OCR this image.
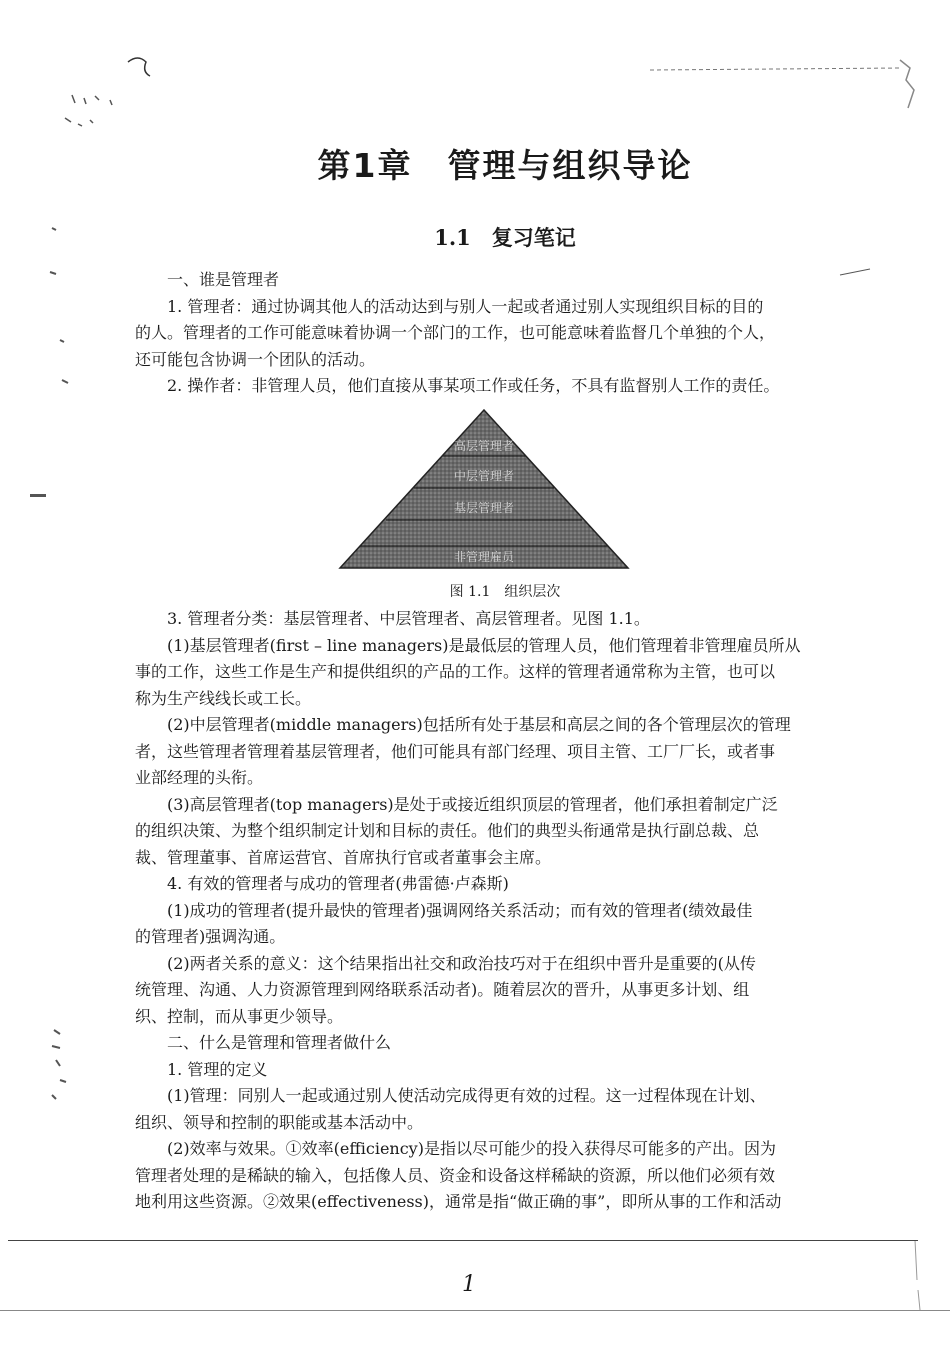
第1章　管理与组织导论
1.1　复习笔记
一、谁是管理者
1. 管理者：通过协调其他人的活动达到与别人一起或者通过别人实现组织目标的目的
的人。管理者的工作可能意味着协调一个部门的工作，也可能意味着监督几个单独的个人，
还可能包含协调一个团队的活动。
2. 操作者：非管理人员，他们直接从事某项工作或任务，不具有监督别人工作的责任。
高层管理者
中层管理者
基层管理者
非管理雇员
图 1.1　组织层次
3. 管理者分类：基层管理者、中层管理者、高层管理者。见图 1.1。
(1)基层管理者(first – line managers)是最低层的管理人员，他们管理着非管理雇员所从
事的工作，这些工作是生产和提供组织的产品的工作。这样的管理者通常称为主管，也可以
称为生产线线长或工长。
(2)中层管理者(middle managers)包括所有处于基层和高层之间的各个管理层次的管理
者，这些管理者管理着基层管理者，他们可能具有部门经理、项目主管、工厂厂长，或者事
业部经理的头衔。
(3)高层管理者(top managers)是处于或接近组织顶层的管理者，他们承担着制定广泛
的组织决策、为整个组织制定计划和目标的责任。他们的典型头衔通常是执行副总裁、总
裁、管理董事、首席运营官、首席执行官或者董事会主席。
4. 有效的管理者与成功的管理者(弗雷德·卢森斯)
(1)成功的管理者(提升最快的管理者)强调网络关系活动；而有效的管理者(绩效最佳
的管理者)强调沟通。
(2)两者关系的意义：这个结果指出社交和政治技巧对于在组织中晋升是重要的(从传
统管理、沟通、人力资源管理到网络联系活动者)。随着层次的晋升，从事更多计划、组
织、控制，而从事更少领导。
二、什么是管理和管理者做什么
1. 管理的定义
(1)管理：同别人一起或通过别人使活动完成得更有效的过程。这一过程体现在计划、
组织、领导和控制的职能或基本活动中。
(2)效率与效果。①效率(efficiency)是指以尽可能少的投入获得尽可能多的产出。因为
管理者处理的是稀缺的输入，包括像人员、资金和设备这样稀缺的资源，所以他们必须有效
地利用这些资源。②效果(effectiveness)，通常是指“做正确的事”，即所从事的工作和活动
1
